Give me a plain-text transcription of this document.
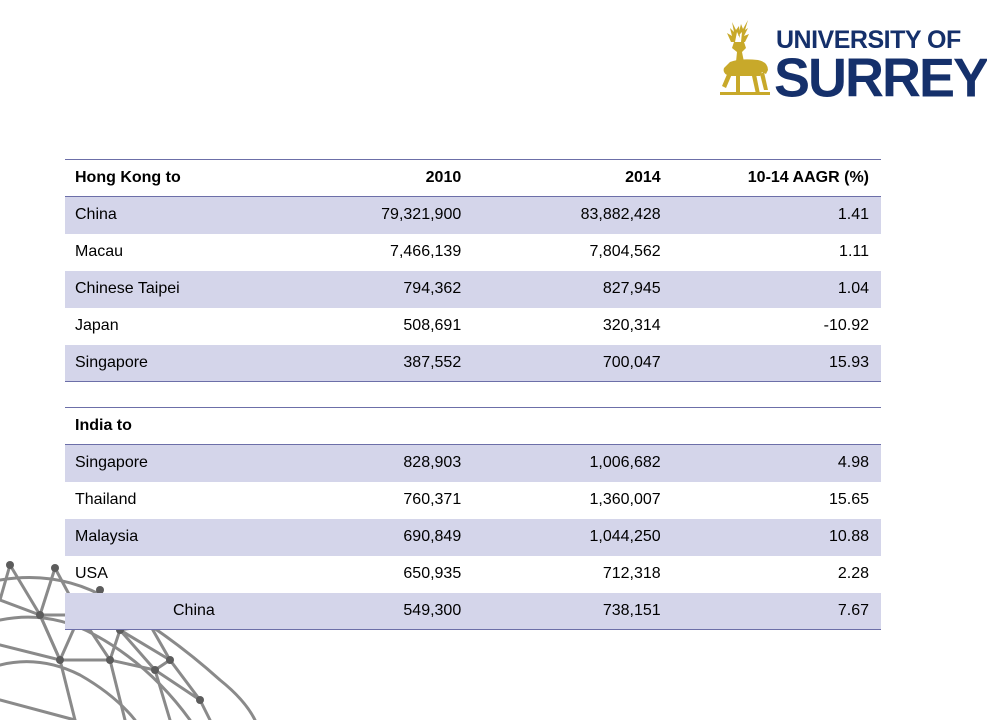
UNIVERSITY OF
SURREY
Hong Kong to	2010	2014	10-14 AAGR (%)
China	79,321,900	83,882,428	1.41
Macau	7,466,139	7,804,562	1.11
Chinese Taipei	794,362	827,945	1.04
Japan	508,691	320,314	-10.92
Singapore	387,552	700,047	15.93

India to			
Singapore	828,903	1,006,682	4.98
Thailand	760,371	1,360,007	15.65
Malaysia	690,849	1,044,250	10.88
USA	650,935	712,318	2.28
China	549,300	738,151	7.67
